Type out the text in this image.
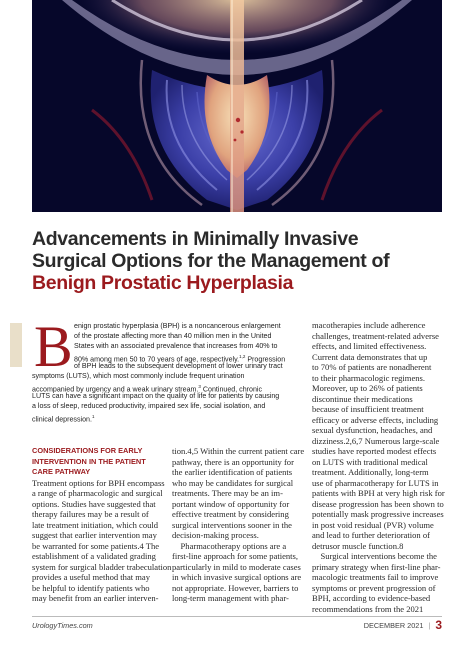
Advancements in Minimally Invasive
Surgical Options for the Management of
Benign Prostatic Hyperplasia
B enign prostatic hyperplasia (BPH) is a noncancerous enlargement
of the prostate affecting more than 40 million men in the United
States with an associated prevalence that increases from 40% to
80% among men 50 to 70 years of age, respectively.$^{1,2}$ Progression
of BPH leads to the subsequent development of lower urinary tract
symptoms (LUTS), which most commonly include frequent urination
accompanied by urgency and a weak urinary stream.$^3$ Continued, chronic
LUTS can have a significant impact on the quality of life for patients by causing
a loss of sleep, reduced productivity, impaired sex life, social isolation, and
clinical depression.$^1$
CONSIDERATIONS FOR EARLY
INTERVENTION IN THE PATIENT
CARE PATHWAY
Treatment options for BPH encompass
a range of pharmacologic and surgical
options. Studies have suggested that
therapy failures may be a result of
late treatment initiation, which could
suggest that earlier intervention may
be warranted for some patients.4 The
establishment of a validated grading
system for surgical bladder trabeculation
provides a useful method that may
be helpful to identify patients who
may benefit from an earlier interven-
tion.4,5 Within the current patient care
pathway, there is an opportunity for
the earlier identification of patients
who may be candidates for surgical
treatments. There may be an im-
portant window of opportunity for
effective treatment by considering
surgical interventions sooner in the
decision-making process.
Pharmacotherapy options are a
first-line approach for some patients,
particularly in mild to moderate cases
in which invasive surgical options are
not appropriate. However, barriers to
long-term management with phar-
macotherapies include adherence
challenges, treatment-related adverse
effects, and limited effectiveness.
Current data demonstrates that up
to 70% of patients are nonadherent
to their pharmacologic regimens.
Moreover, up to 26% of patients
discontinue their medications
because of insufficient treatment
efficacy or adverse effects, including
sexual dysfunction, headaches, and
dizziness.2,6,7 Numerous large-scale
studies have reported modest effects
on LUTS with traditional medical
treatment. Additionally, long-term
use of pharmacotherapy for LUTS in
patients with BPH at very high risk for
disease progression has been shown to
potentially mask progressive increases
in post void residual (PVR) volume
and lead to further deterioration of
detrusor muscle function.8
Surgical interventions become the
primary strategy when first-line phar-
macologic treatments fail to improve
symptoms or prevent progression of
BPH, according to evidence-based
recommendations from the 2021
UrologyTimes.com	DECEMBER 2021 | 3
